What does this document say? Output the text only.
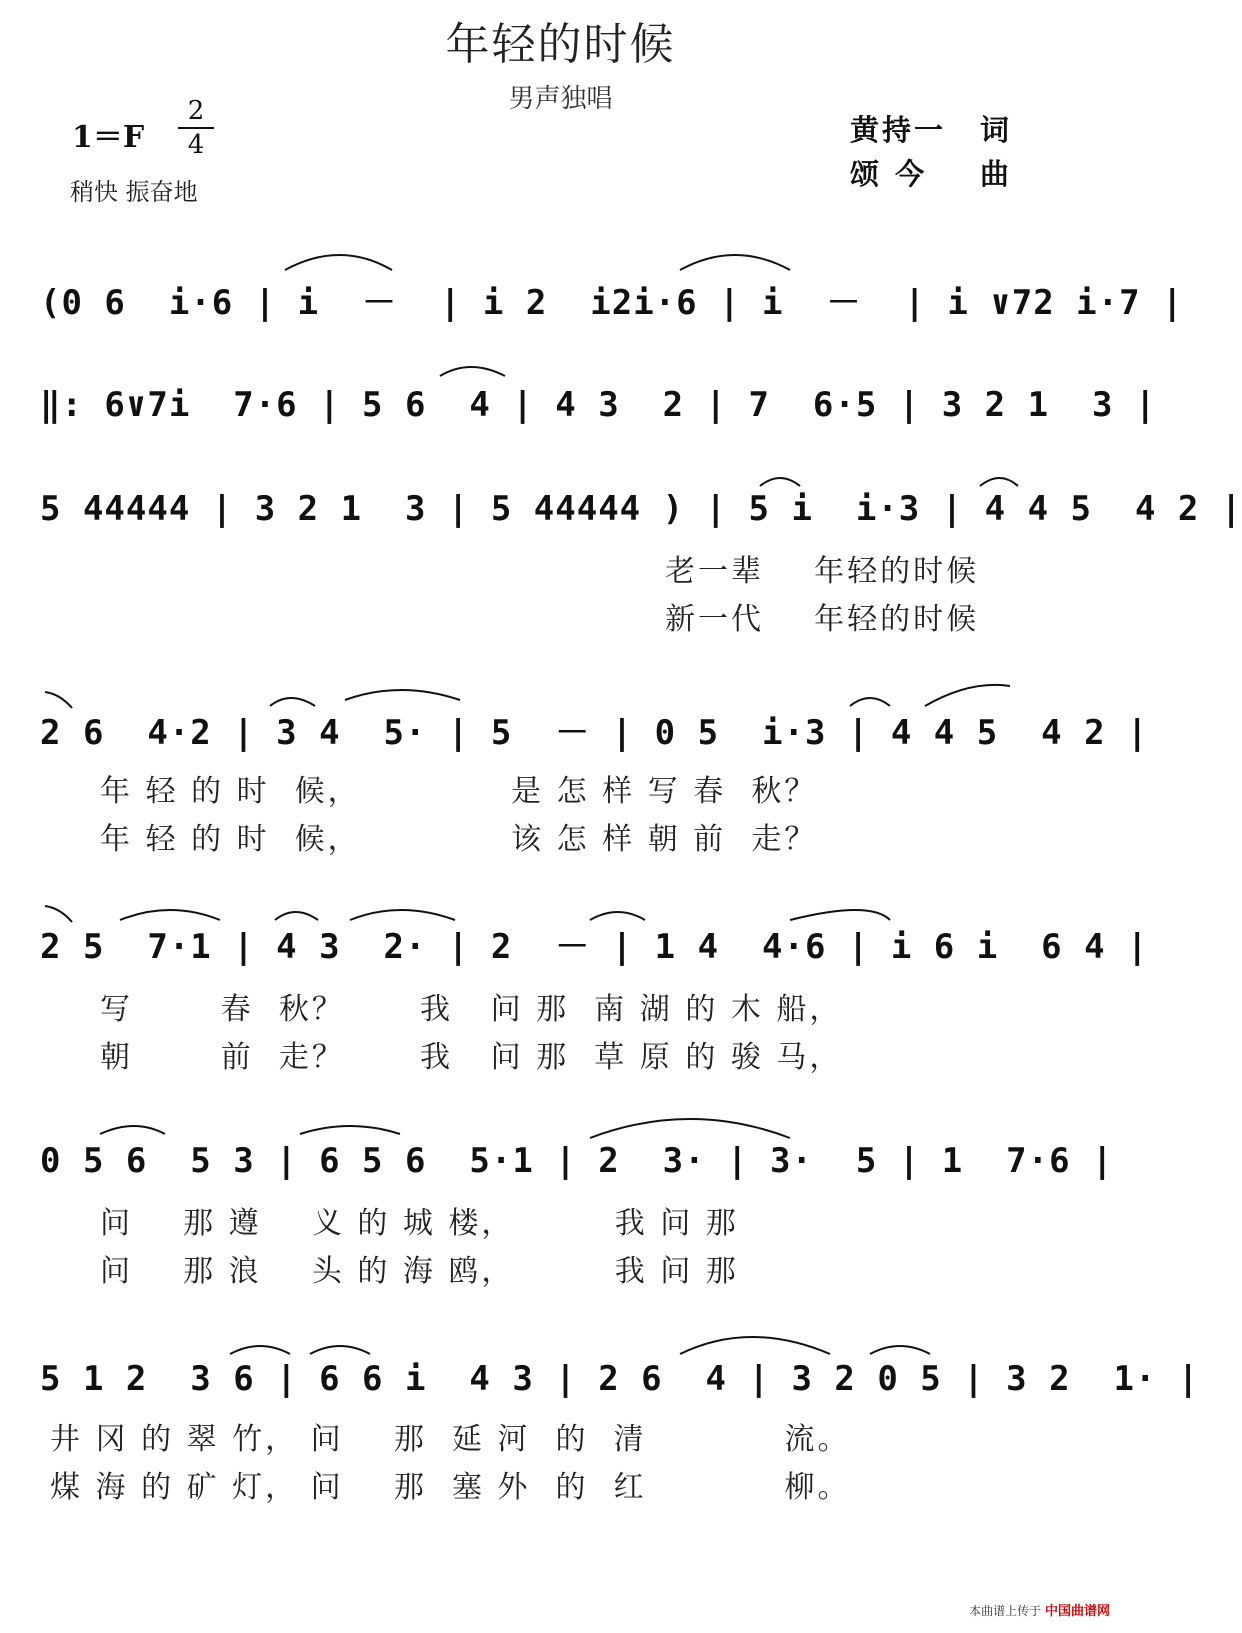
年轻的时候
男声独唱
1＝F
2
4
稍快 振奋地
黄持一 词
颂 今 曲
(0 6  i·6 | i  －  | i 2  i2i·6 | i  －  | i ∨72 i·7 |
‖: 6∨7i  7·6 | 5 6  4 | 4 3  2 | 7  6·5 | 3 2 1  3 |
5 44444 | 3 2 1  3 | 5 44444 ) | 5 i  i·3 | 4 4 5  4 2 |
老一辈    年轻的时候
新一代    年轻的时候
2 6  4·2 | 3 4  5· | 5  － | 0 5  i·3 | 4 4 5  4 2 |
年 轻 的 时  候，            是 怎 样 写 春  秋？
年 轻 的 时  候，            该 怎 样 朝 前  走？
2 5  7·1 | 4 3  2· | 2  － | 1 4  4·6 | i 6 i  6 4 |
写       春  秋？      我   问 那  南 湖 的 木 船，
朝       前  走？      我   问 那  草 原 的 骏 马，
0 5 6  5 3 | 6 5 6  5·1 | 2  3· | 3·  5 | 1  7·6 |
问    那 遵    义 的 城 楼，        我 问 那
问    那 浪    头 的 海 鸥，        我 问 那
5 1 2  3 6 | 6 6 i  4 3 | 2 6  4 | 3 2 0 5 | 3 2  1· |
井 冈 的 翠 竹， 问    那  延 河  的  清           流。
煤 海 的 矿 灯， 问    那  塞 外  的  红           柳。
本曲谱上传于 中国曲谱网
